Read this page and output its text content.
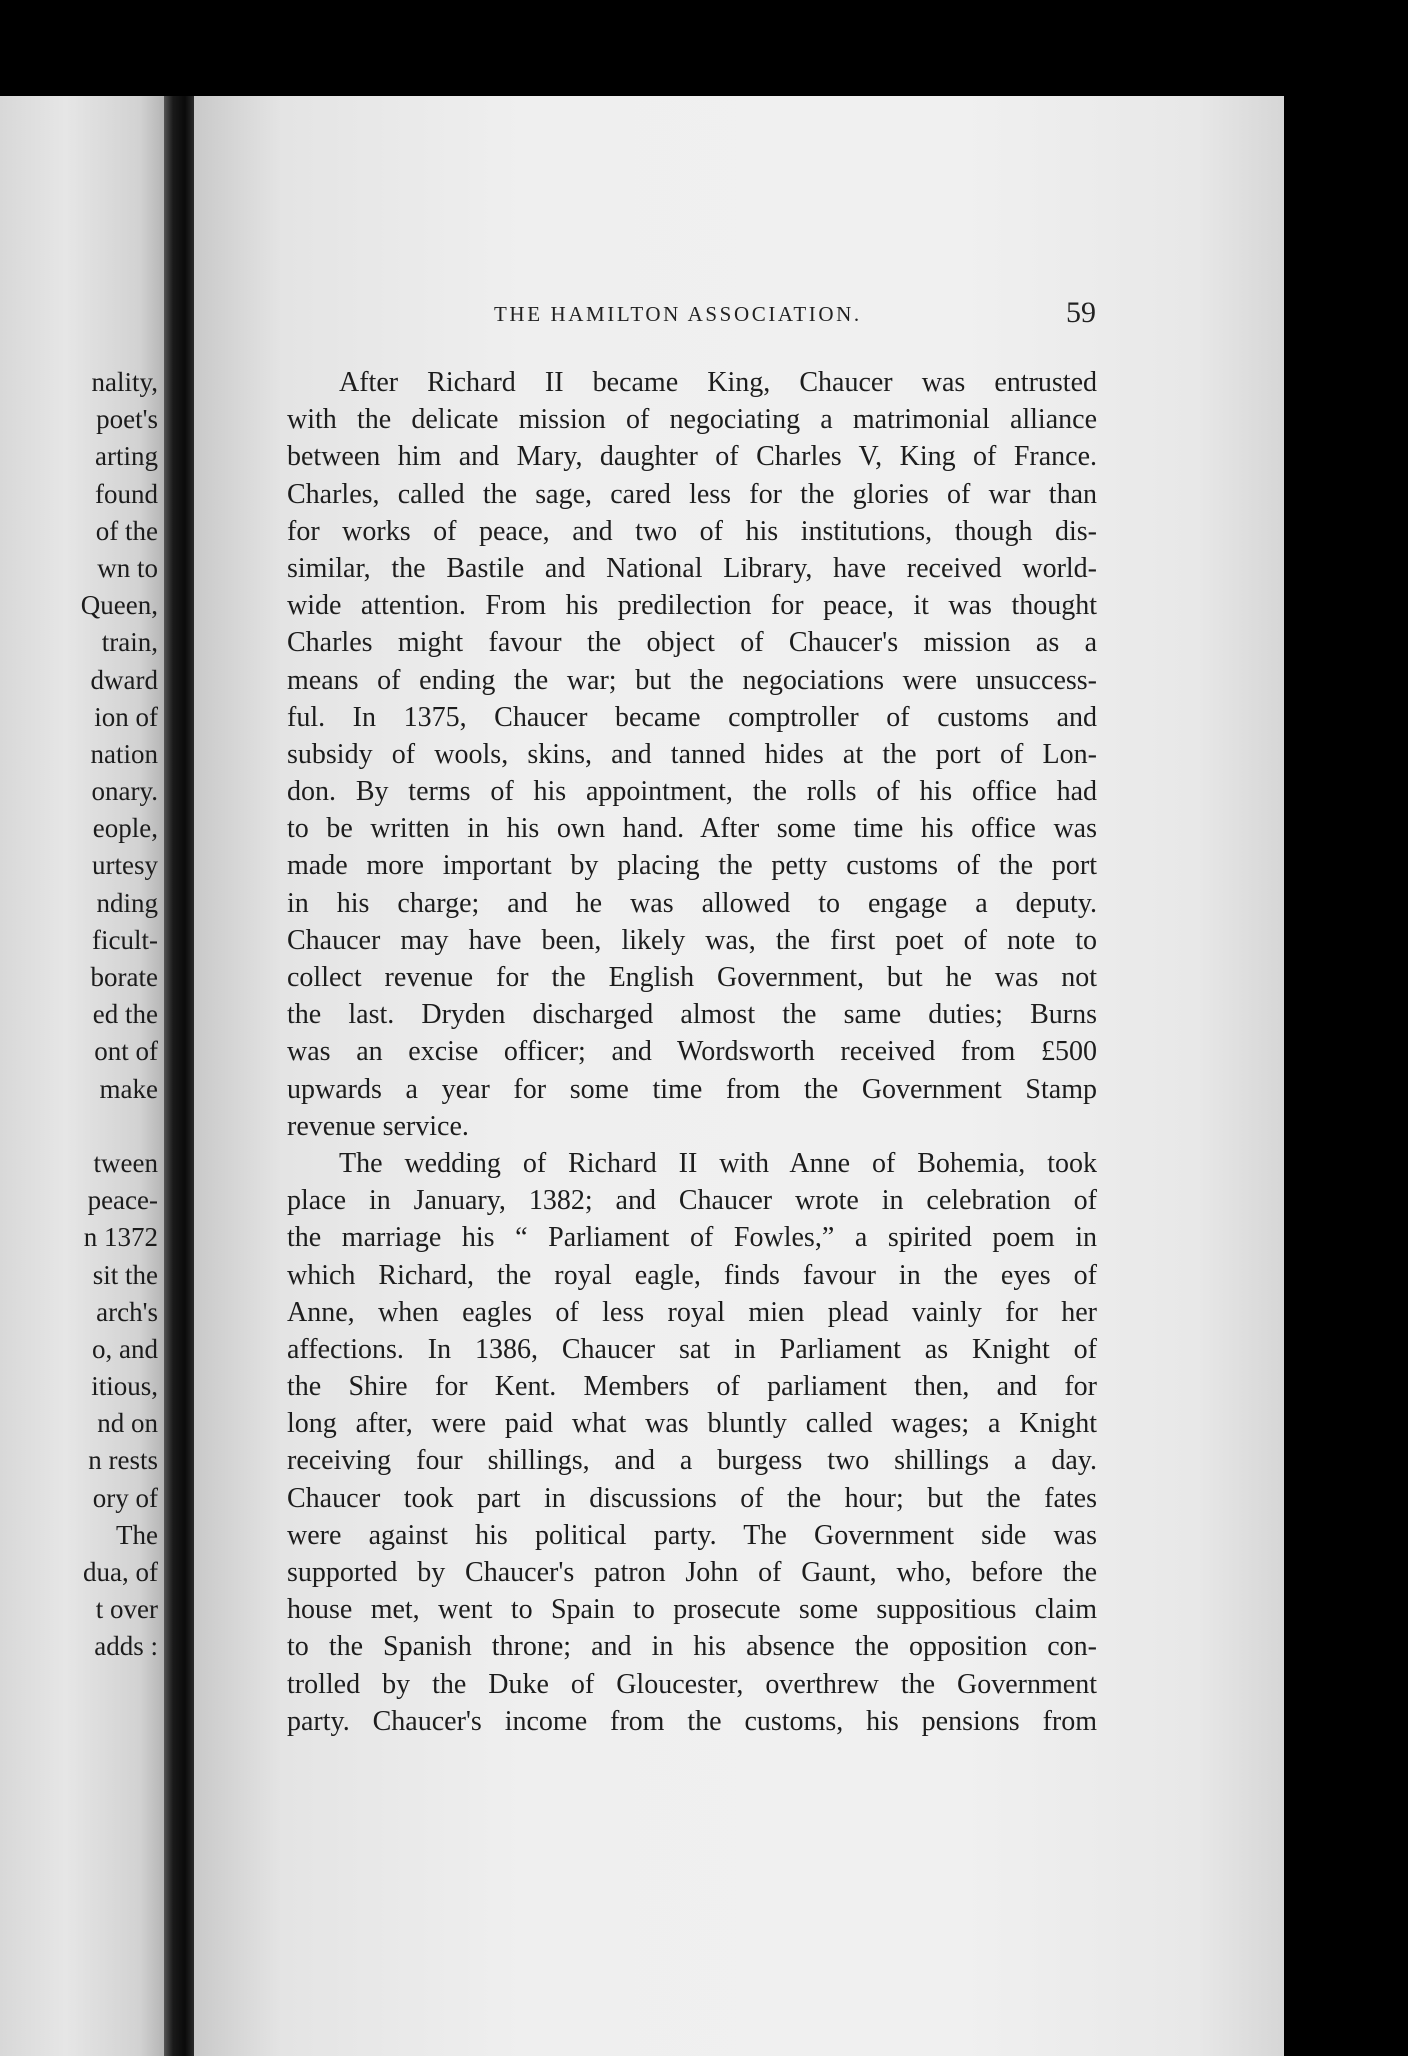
nality,
poet's
arting
found
of the
wn to
Queen,
train,
dward
ion of
nation
onary.
eople,
urtesy
nding
ficult-
borate
ed the
ont of
make
tween
peace-
n 1372
sit the
arch's
o, and
itious,
nd on
n rests
ory of
The
dua, of
t over
adds :
THE HAMILTON ASSOCIATION.	59
After Richard II became King, Chaucer was entrusted
with the delicate mission of negociating a matrimonial alliance
between him and Mary, daughter of Charles V, King of France.
Charles, called the sage, cared less for the glories of war than
for works of peace, and two of his institutions, though dis-
similar, the Bastile and National Library, have received world-
wide attention. From his predilection for peace, it was thought
Charles might favour the object of Chaucer's mission as a
means of ending the war; but the negociations were unsuccess-
ful. In 1375, Chaucer became comptroller of customs and
subsidy of wools, skins, and tanned hides at the port of Lon-
don. By terms of his appointment, the rolls of his office had
to be written in his own hand. After some time his office was
made more important by placing the petty customs of the port
in his charge; and he was allowed to engage a deputy.
Chaucer may have been, likely was, the first poet of note to
collect revenue for the English Government, but he was not
the last. Dryden discharged almost the same duties; Burns
was an excise officer; and Wordsworth received from £500
upwards a year for some time from the Government Stamp
revenue service.
The wedding of Richard II with Anne of Bohemia, took
place in January, 1382; and Chaucer wrote in celebration of
the marriage his “ Parliament of Fowles,” a spirited poem in
which Richard, the royal eagle, finds favour in the eyes of
Anne, when eagles of less royal mien plead vainly for her
affections. In 1386, Chaucer sat in Parliament as Knight of
the Shire for Kent. Members of parliament then, and for
long after, were paid what was bluntly called wages; a Knight
receiving four shillings, and a burgess two shillings a day.
Chaucer took part in discussions of the hour; but the fates
were against his political party. The Government side was
supported by Chaucer's patron John of Gaunt, who, before the
house met, went to Spain to prosecute some suppositious claim
to the Spanish throne; and in his absence the opposition con-
trolled by the Duke of Gloucester, overthrew the Government
party. Chaucer's income from the customs, his pensions from
